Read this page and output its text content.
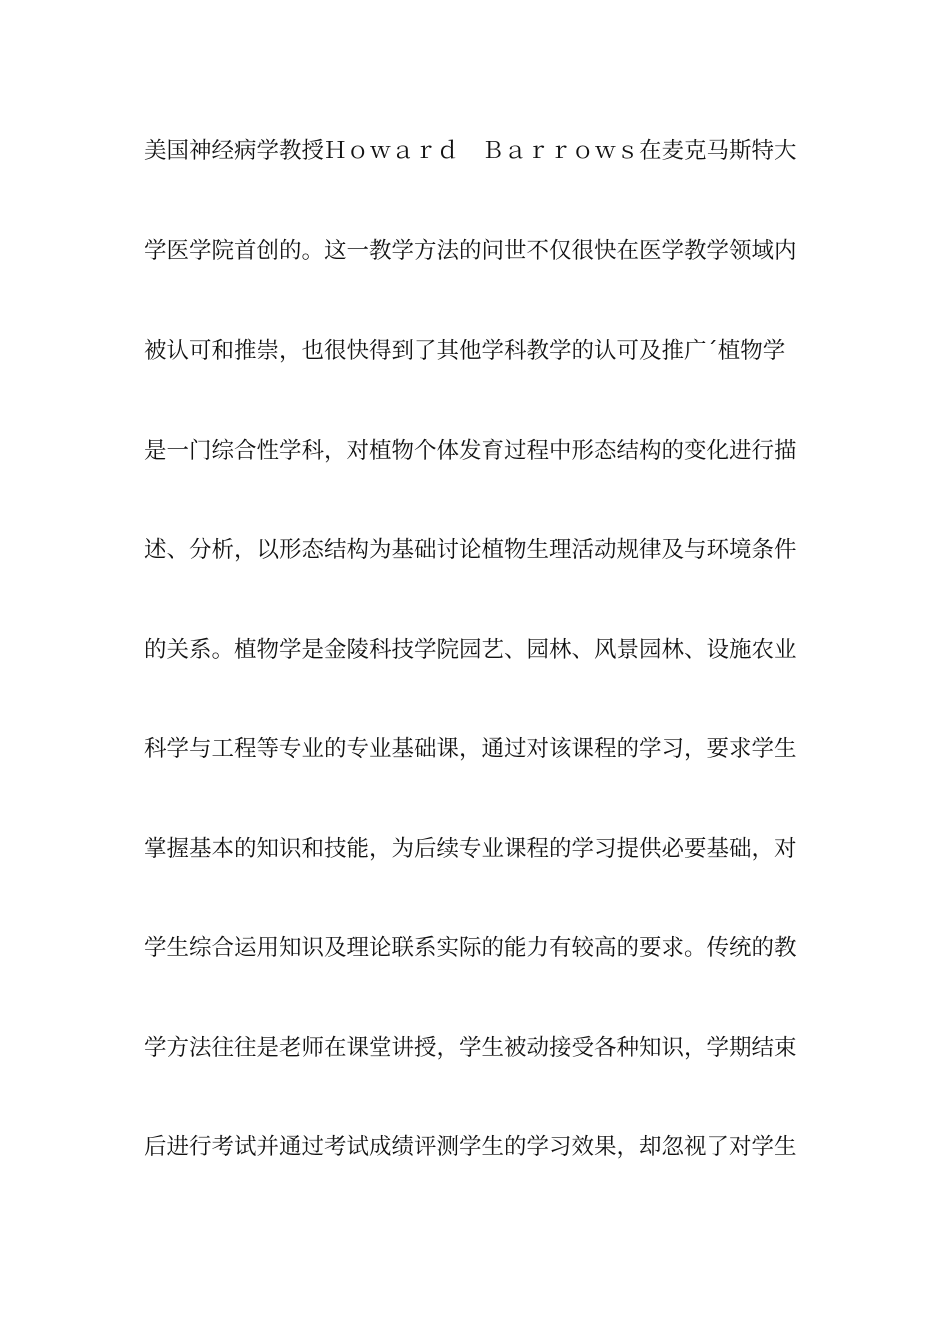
美国神经病学教授Ｈｏｗａｒｄ　Ｂａｒｒｏｗｓ在麦克马斯特大
学医学院首创的。这一教学方法的问世不仅很快在医学教学领域内
被认可和推崇，也很快得到了其他学科教学的认可及推广´植物学
是一门综合性学科，对植物个体发育过程中形态结构的变化进行描
述、分析，以形态结构为基础讨论植物生理活动规律及与环境条件
的关系。植物学是金陵科技学院园艺、园林、风景园林、设施农业
科学与工程等专业的专业基础课，通过对该课程的学习，要求学生
掌握基本的知识和技能，为后续专业课程的学习提供必要基础，对
学生综合运用知识及理论联系实际的能力有较高的要求。传统的教
学方法往往是老师在课堂讲授，学生被动接受各种知识，学期结束
后进行考试并通过考试成绩评测学生的学习效果，却忽视了对学生
